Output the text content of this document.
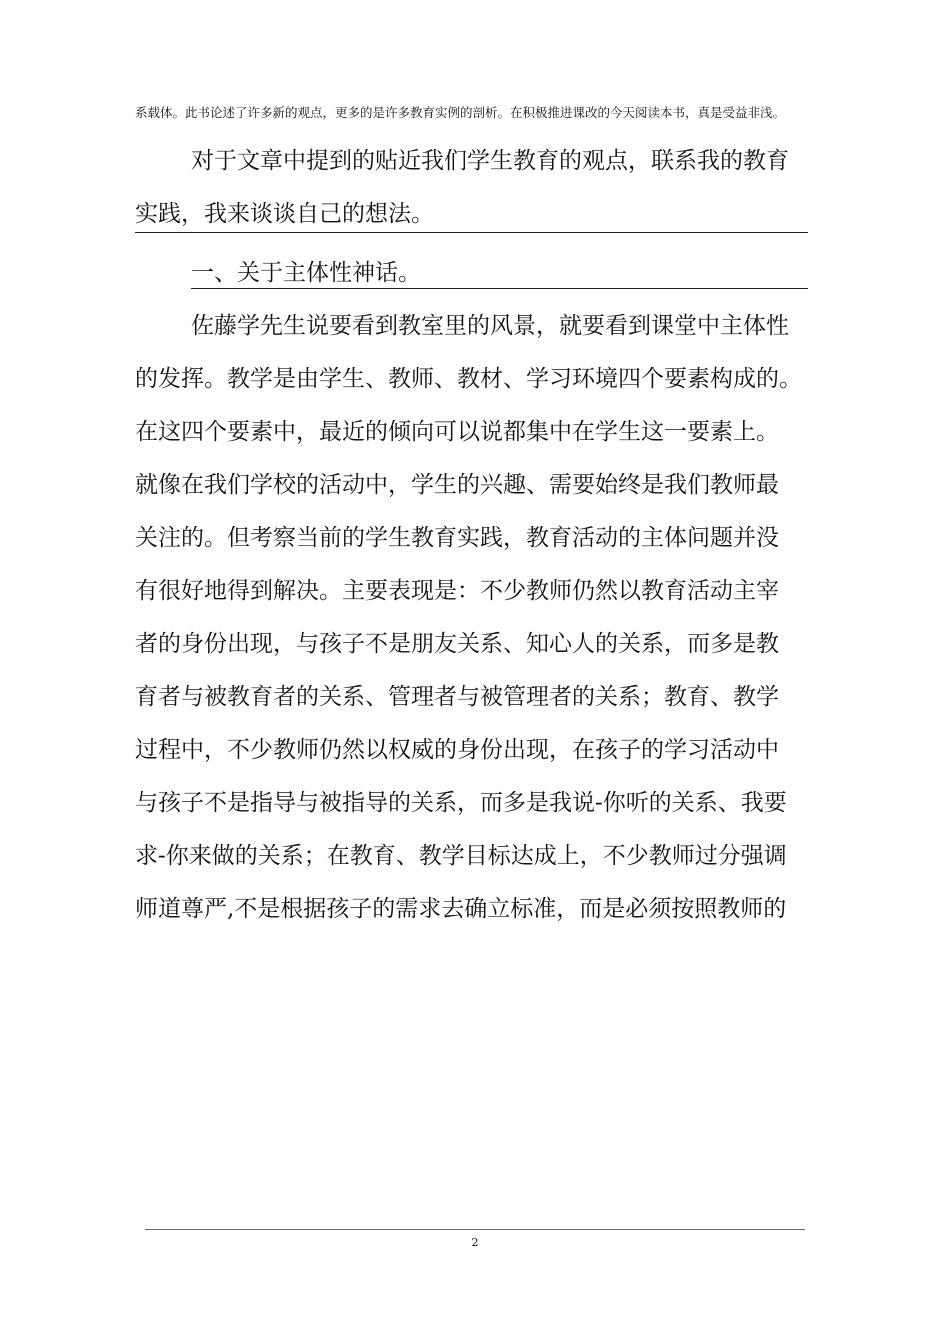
系载体。此书论述了许多新的观点，更多的是许多教育实例的剖析。在积极推进课改的今天阅读本书，真是受益非浅。
对于文章中提到的贴近我们学生教育的观点，联系我的教育
实践，我来谈谈自己的想法。
一、关于主体性神话。
佐藤学先生说要看到教室里的风景，就要看到课堂中主体性
的发挥。教学是由学生、教师、教材、学习环境四个要素构成的。
在这四个要素中，最近的倾向可以说都集中在学生这一要素上。
就像在我们学校的活动中，学生的兴趣、需要始终是我们教师最
关注的。但考察当前的学生教育实践，教育活动的主体问题并没
有很好地得到解决。主要表现是：不少教师仍然以教育活动主宰
者的身份出现，与孩子不是朋友关系、知心人的关系，而多是教
育者与被教育者的关系、管理者与被管理者的关系；教育、教学
过程中，不少教师仍然以权威的身份出现，在孩子的学习活动中
与孩子不是指导与被指导的关系，而多是我说-你听的关系、我要
求-你来做的关系；在教育、教学目标达成上，不少教师过分强调
师道尊严,不是根据孩子的需求去确立标准，而是必须按照教师的
2
